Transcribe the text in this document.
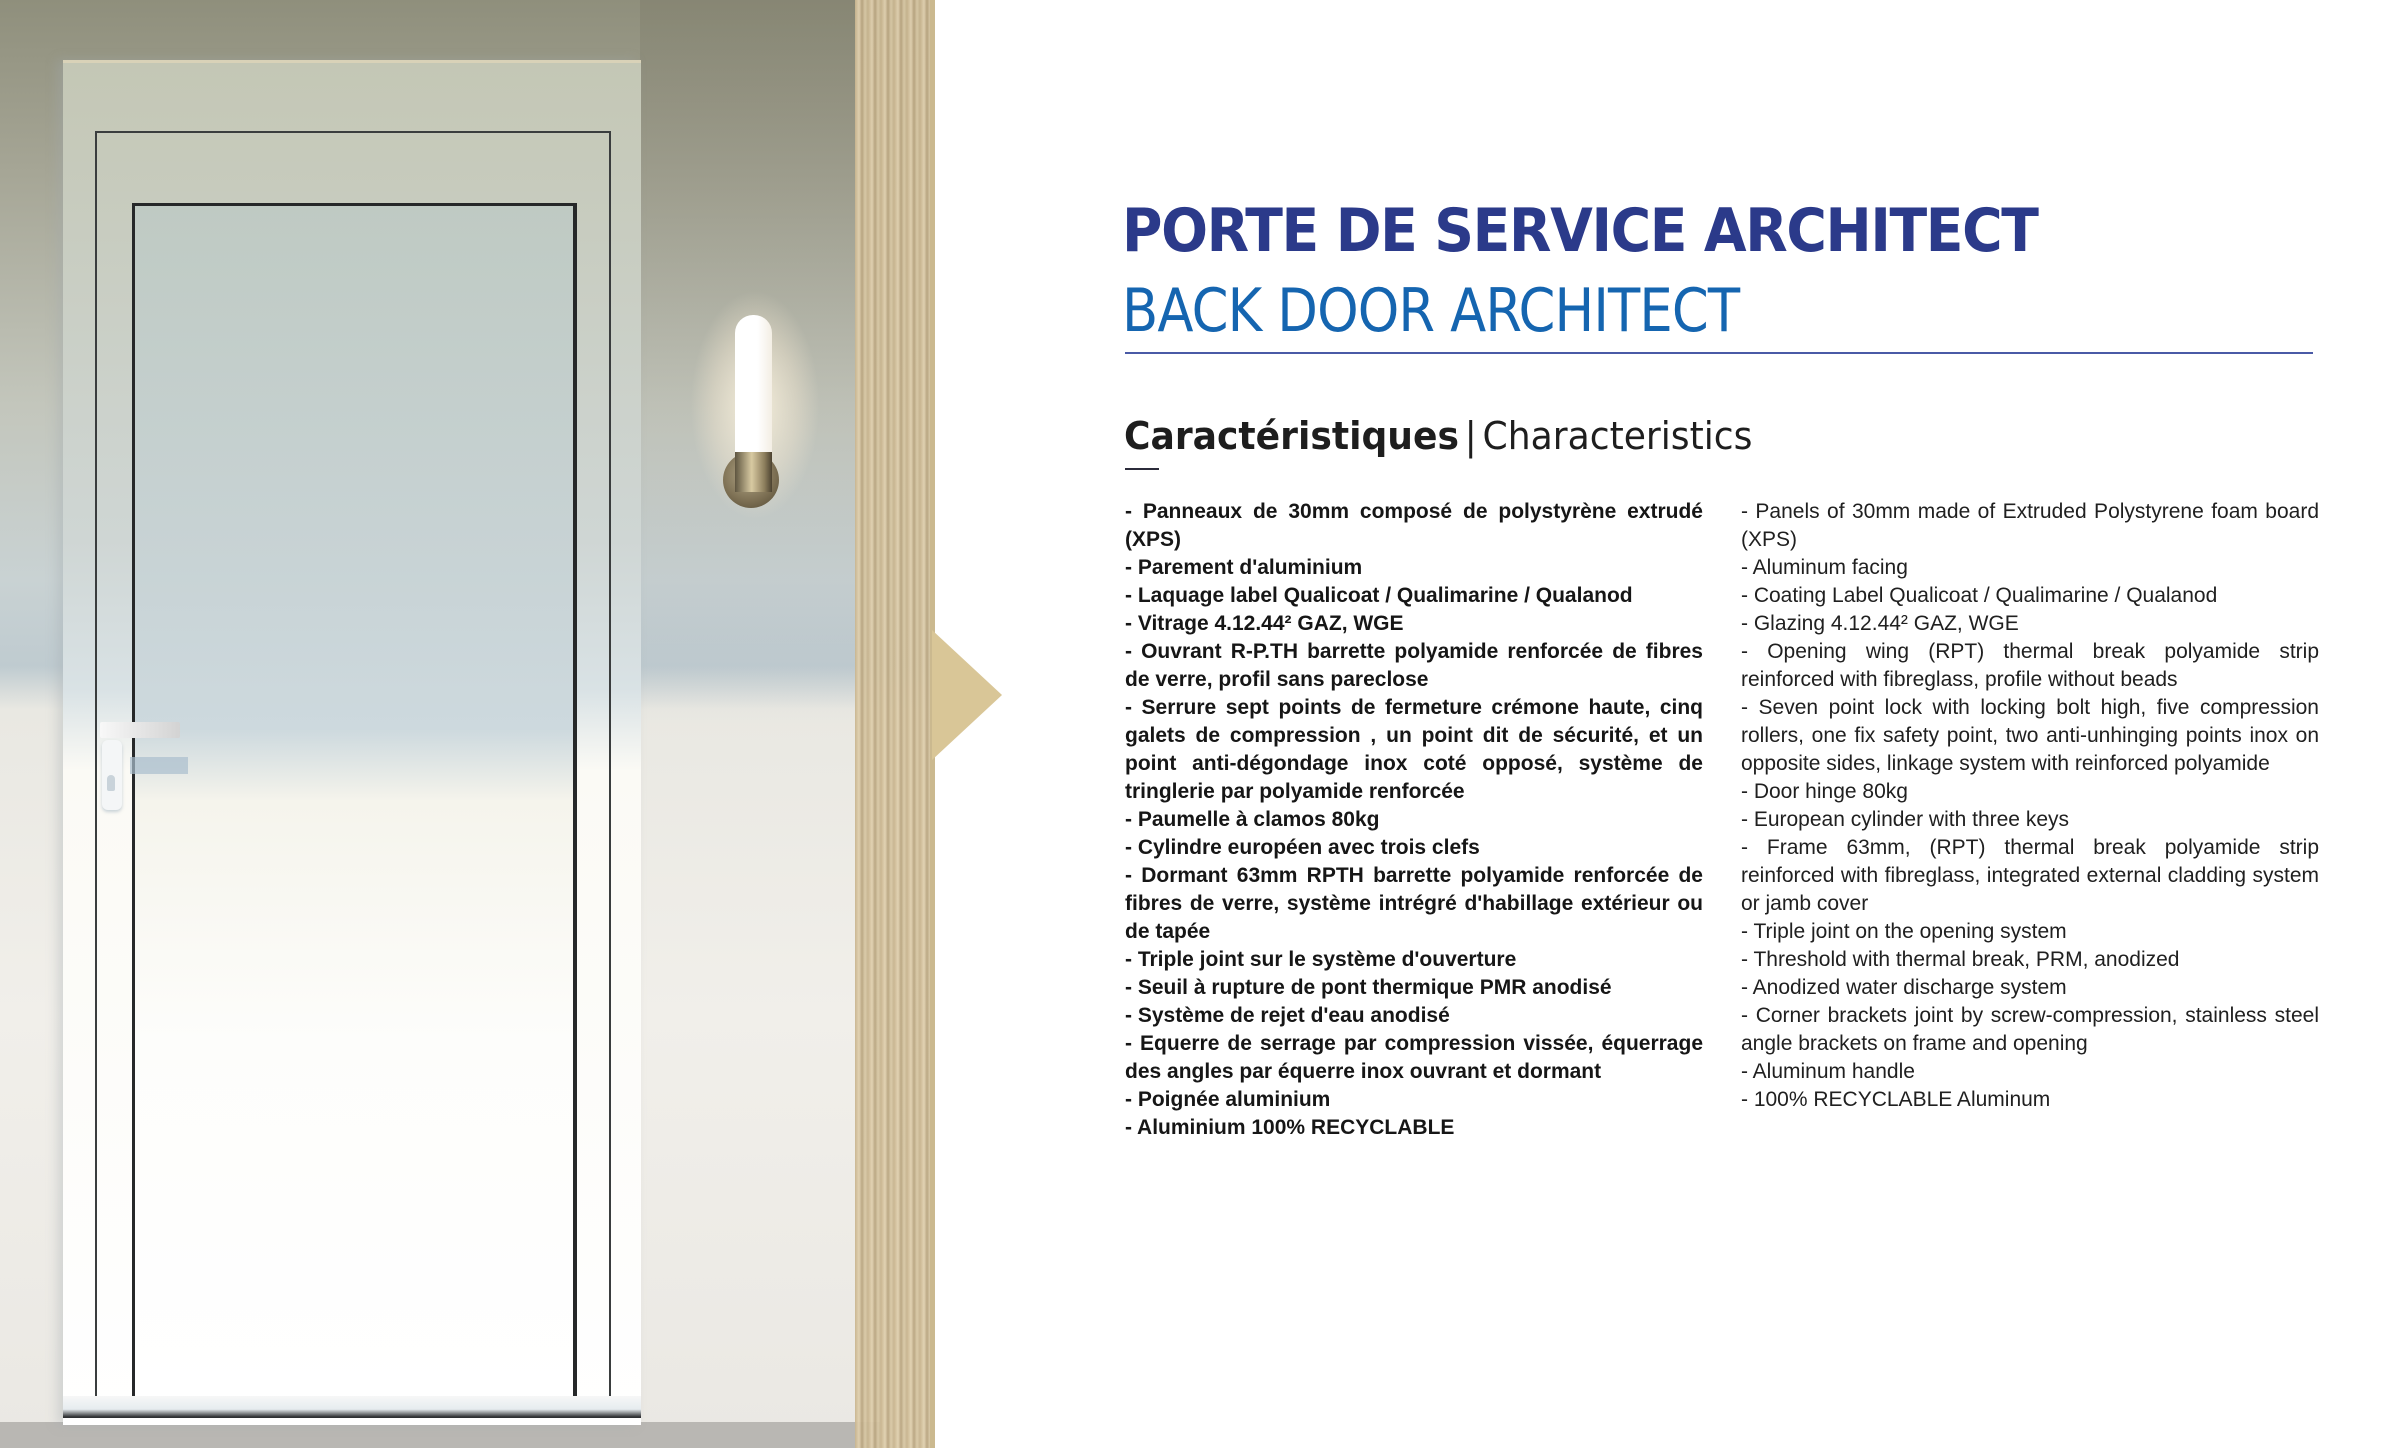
PORTE DE SERVICE ARCHITECT
BACK DOOR ARCHITECT
Caractéristiques | Characteristics
- Panneaux de 30mm composé de polystyrène extrudé (XPS)
- Parement d'aluminium
- Laquage label Qualicoat / Qualimarine / Qualanod
- Vitrage 4.12.44² GAZ, WGE
- Ouvrant R-P.TH barrette polyamide renforcée de fibres de verre, profil sans pareclose
- Serrure sept points de fermeture crémone haute, cinq galets de compression , un point dit de sécurité, et un point anti-dégondage inox coté opposé, système de tringlerie par polyamide renforcée
- Paumelle à clamos 80kg
- Cylindre européen avec trois clefs
- Dormant 63mm RPTH barrette polyamide renforcée de fibres de verre, système intrégré d'habillage extérieur ou de tapée
- Triple joint sur le système d'ouverture
- Seuil à rupture de pont thermique PMR anodisé
- Système de rejet d'eau anodisé
- Equerre de serrage par compression vissée, équerrage des angles par équerre inox ouvrant et dormant
- Poignée aluminium
- Aluminium 100% RECYCLABLE
- Panels of 30mm made of Extruded Polystyrene foam board (XPS)
- Aluminum facing
- Coating Label Qualicoat / Qualimarine / Qualanod
- Glazing 4.12.44² GAZ, WGE
- Opening wing (RPT) thermal break polyamide strip reinforced with fibreglass, profile without beads
- Seven point lock with locking bolt high, five compression rollers, one fix safety point, two anti-unhinging points inox on opposite sides, linkage system with reinforced polyamide
- Door hinge 80kg
- European cylinder with three keys
- Frame 63mm, (RPT) thermal break polyamide strip reinforced with fibreglass, integrated external cladding system or jamb cover
- Triple joint on the opening system
- Threshold with thermal break, PRM, anodized
- Anodized water discharge system
- Corner brackets joint by screw-compression, stainless steel angle brackets on frame and opening
- Aluminum handle
- 100% RECYCLABLE Aluminum
